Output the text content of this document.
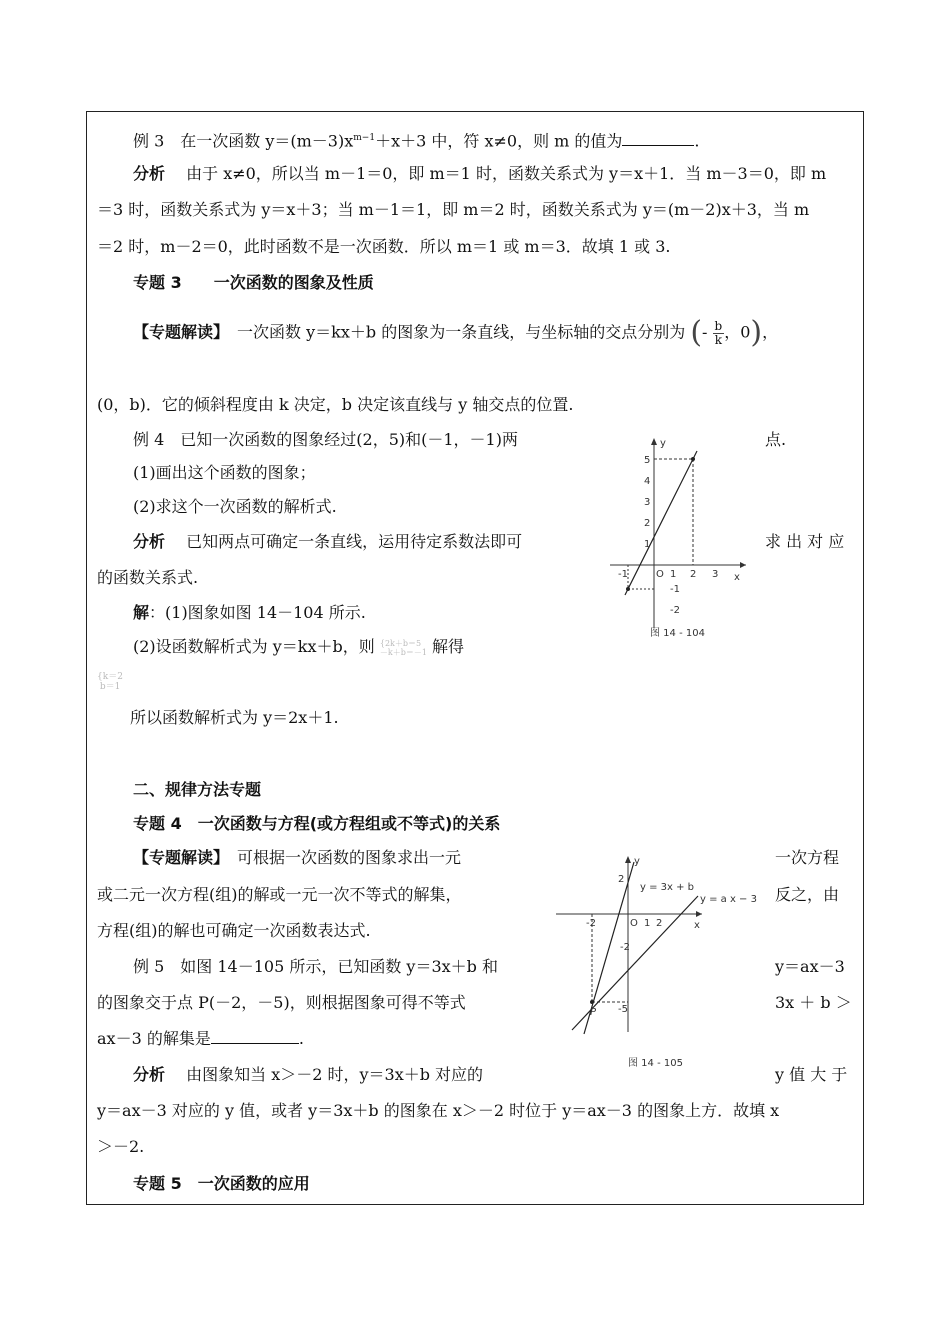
例 3　在一次函数 $y=(m-3)x^{m-1}+x+3$ 中，符 x≠0，则 m 的值为	.
分析　 由于 x≠0，所以当 m－1＝0，即 m＝1 时，函数关系式为 y＝x＋1．当 m－3＝0，即 m
＝3 时，函数关系式为 y＝x＋3；当 m－1＝1，即 m＝2 时，函数关系式为 y＝(m－2)x＋3，当 m
＝2 时，m－2＝0，此时函数不是一次函数．所以 m＝1 或 m＝3．故填 1 或 3.
专题 3　　一次函数的图象及性质
【专题解读】　 一次函数 y＝kx＋b 的图象为一条直线，与坐标轴的交点分别为 (- $\frac{b}{k}$ ，0)，
(0，b)．它的倾斜程度由 k 决定，b 决定该直线与 y 轴交点的位置.
例 4　已知一次函数的图象经过(2，5)和(－1，－1)两	点.
(1)画出这个函数的图象；
(2)求这个一次函数的解析式.
分析　 已知两点可确定一条直线，运用待定系数法即可	求 出 对 应
的函数关系式.
解：(1)图象如图 14－104 所示.
(2)设函数解析式为 y＝kx＋b，则 {2k＋b＝5
－k＋b＝－1 解得
{k＝2
b＝1
所以函数解析式为 y＝2x＋1.
y
x
O
5
4
3
2
1
1 2 3
-1
-1
-2
图 14 - 104
二、规律方法专题
专题 4　一次函数与方程(或方程组或不等式)的关系
【专题解读】　 可根据一次函数的图象求出一元	一次方程
或二元一次方程(组)的解或一元一次不等式的解集，	反之，由
方程(组)的解也可确定一次函数表达式.
例 5　如图 14－105 所示，已知函数 y＝3x＋b 和	y＝ax－3
的图象交于点 P(－2，－5)，则根据图象可得不等式	3x ＋ b ＞
ax－3 的解集是	.
分析　 由图象知当 x＞－2 时，y＝3x＋b 对应的	y 值 大 于
y＝ax－3 对应的 y 值，或者 y＝3x＋b 的图象在 x＞－2 时位于 y＝ax－3 的图象上方．故填 x
＞－2.
y
x
O
y = 3x + b
y = a x − 3
2
-2
-5
-2	1 2
P
图 14 - 105
专题 5　一次函数的应用
